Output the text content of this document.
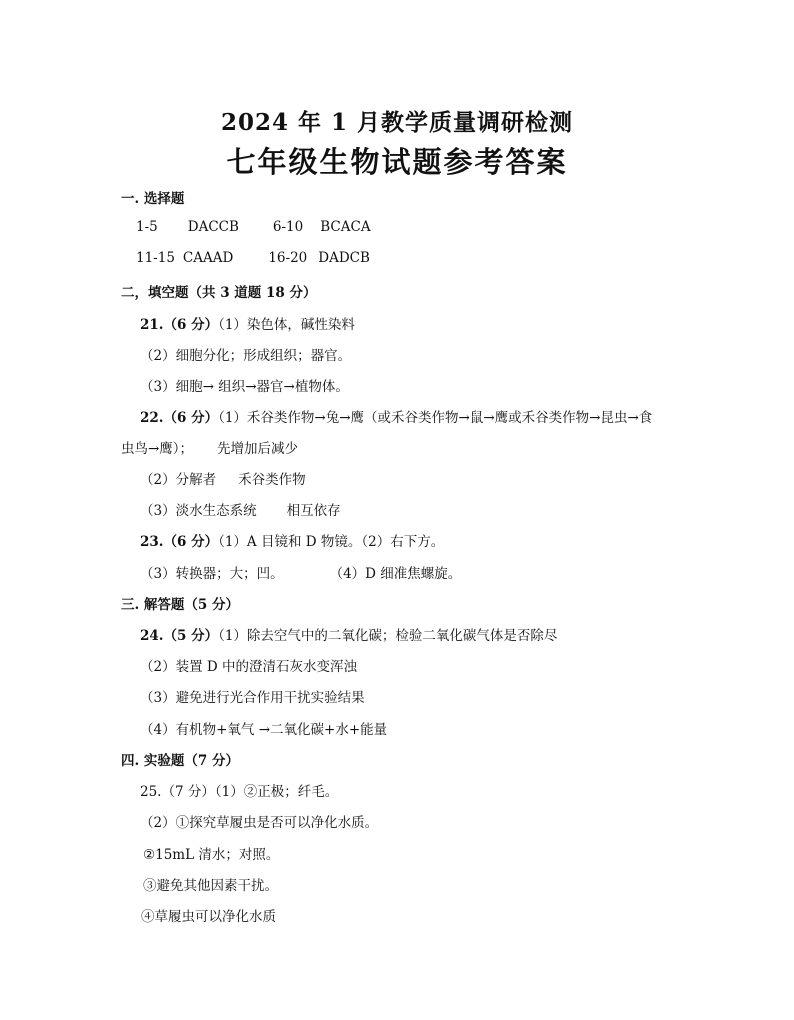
2024 年 1 月教学质量调研检测
七年级生物试题参考答案
一. 选择题
1-5 DACCB	6-10 BCACA
11-15 CAAAD	16-20 DADCB
二，填空题（共 3 道题 18 分）
21.（6 分）（1）染色体，碱性染料
（2）细胞分化；形成组织；器官。
（3）细胞→ 组织→器官→植物体。
22.（6 分）（1）禾谷类作物→兔→鹰（或禾谷类作物→鼠→鹰或禾谷类作物→昆虫→食
虫鸟→鹰）； 先增加后减少
（2）分解者 禾谷类作物
（3）淡水生态系统 相互依存
23.（6 分）（1）A 目镜和 D 物镜。（2）右下方。
（3）转换器；大；凹。	（4）D 细准焦螺旋。
三. 解答题（5 分）
24.（5 分）（1）除去空气中的二氧化碳；检验二氧化碳气体是否除尽
（2）装置 D 中的澄清石灰水变浑浊
（3）避免进行光合作用干扰实验结果
（4）有机物+氧气 →二氧化碳+水+能量
四. 实验题（7 分）
25.（7 分）（1）②正极；纤毛。
（2）①探究草履虫是否可以净化水质。
②15mL 清水；对照。
③避免其他因素干扰。
④草履虫可以净化水质
